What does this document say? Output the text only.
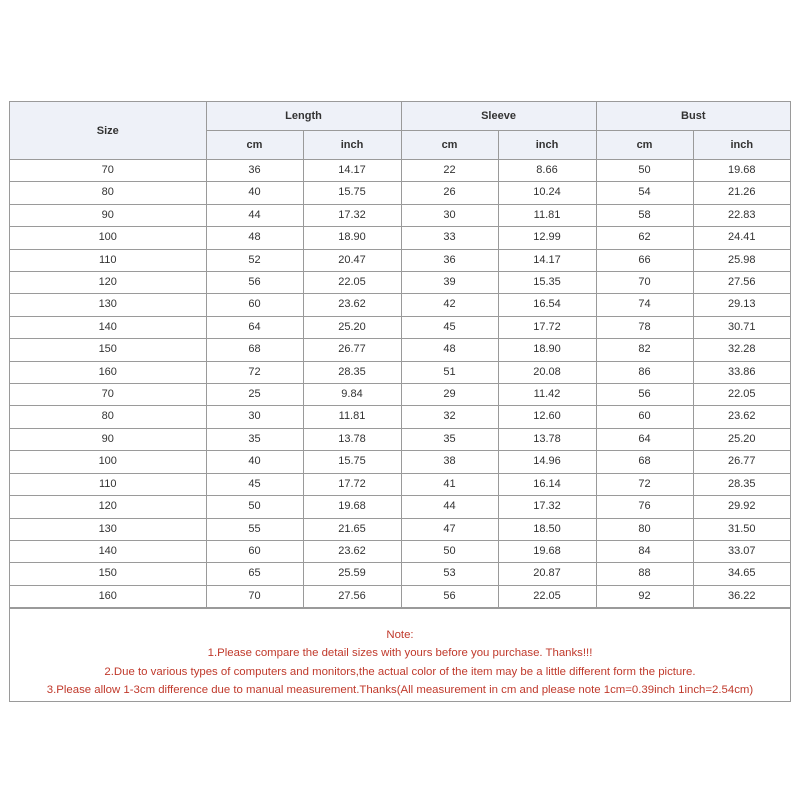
Size	Length		Sleeve		Bust	
	cm	inch	cm	inch	cm	inch
70	36	14.17	22	8.66	50	19.68
80	40	15.75	26	10.24	54	21.26
90	44	17.32	30	11.81	58	22.83
100	48	18.90	33	12.99	62	24.41
110	52	20.47	36	14.17	66	25.98
120	56	22.05	39	15.35	70	27.56
130	60	23.62	42	16.54	74	29.13
140	64	25.20	45	17.72	78	30.71
150	68	26.77	48	18.90	82	32.28
160	72	28.35	51	20.08	86	33.86
70	25	9.84	29	11.42	56	22.05
80	30	11.81	32	12.60	60	23.62
90	35	13.78	35	13.78	64	25.20
100	40	15.75	38	14.96	68	26.77
110	45	17.72	41	16.14	72	28.35
120	50	19.68	44	17.32	76	29.92
130	55	21.65	47	18.50	80	31.50
140	60	23.62	50	19.68	84	33.07
150	65	25.59	53	20.87	88	34.65
160	70	27.56	56	22.05	92	36.22
Note:
1.Please compare the detail sizes with yours before you purchase. Thanks!!!
2.Due to various types of computers and monitors,the actual color of the item may be a little different form the picture.
3.Please allow 1-3cm difference due to manual measurement.Thanks(All measurement in cm and please note 1cm=0.39inch 1inch=2.54cm)
